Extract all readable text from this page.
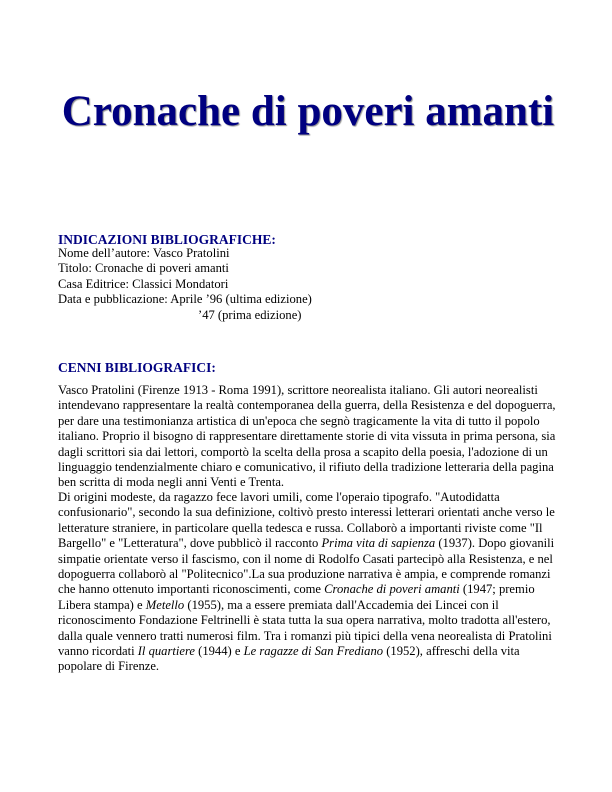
Cronache di poveri amanti
INDICAZIONI BIBLIOGRAFICHE:
Nome dell’autore: Vasco Pratolini
Titolo: Cronache di poveri amanti
Casa Editrice: Classici Mondatori
Data e pubblicazione: Aprile ’96 (ultima edizione)
’47 (prima edizione)
CENNI BIBLIOGRAFICI:

Vasco Pratolini (Firenze 1913 - Roma 1991), scrittore neorealista italiano. Gli autori neorealisti intendevano rappresentare la realtà contemporanea della guerra, della Resistenza e del dopoguerra, per dare una testimonianza artistica di un'epoca che segnò tragicamente la vita di tutto il popolo italiano. Proprio il bisogno di rappresentare direttamente storie di vita vissuta in prima persona, sia dagli scrittori sia dai lettori, comportò la scelta della prosa a scapito della poesia, l'adozione di un linguaggio tendenzialmente chiaro e comunicativo, il rifiuto della tradizione letteraria della pagina ben scritta di moda negli anni Venti e Trenta.

Di origini modeste, da ragazzo fece lavori umili, come l'operaio tipografo. "Autodidatta confusionario", secondo la sua definizione, coltivò presto interessi letterari orientati anche verso le letterature straniere, in particolare quella tedesca e russa. Collaborò a importanti riviste come "Il Bargello" e "Letteratura", dove pubblicò il racconto Prima vita di sapienza (1937). Dopo giovanili simpatie orientate verso il fascismo, con il nome di Rodolfo Casati partecipò alla Resistenza, e nel dopoguerra collaborò al "Politecnico".La sua produzione narrativa è ampia, e comprende romanzi che hanno ottenuto importanti riconoscimenti, come Cronache di poveri amanti (1947; premio Libera stampa) e Metello (1955), ma a essere premiata dall'Accademia dei Lincei con il riconoscimento Fondazione Feltrinelli è stata tutta la sua opera narrativa, molto tradotta all'estero, dalla quale vennero tratti numerosi film. Tra i romanzi più tipici della vena neorealista di Pratolini vanno ricordati Il quartiere (1944) e Le ragazze di San Frediano (1952), affreschi della vita popolare di Firenze.
